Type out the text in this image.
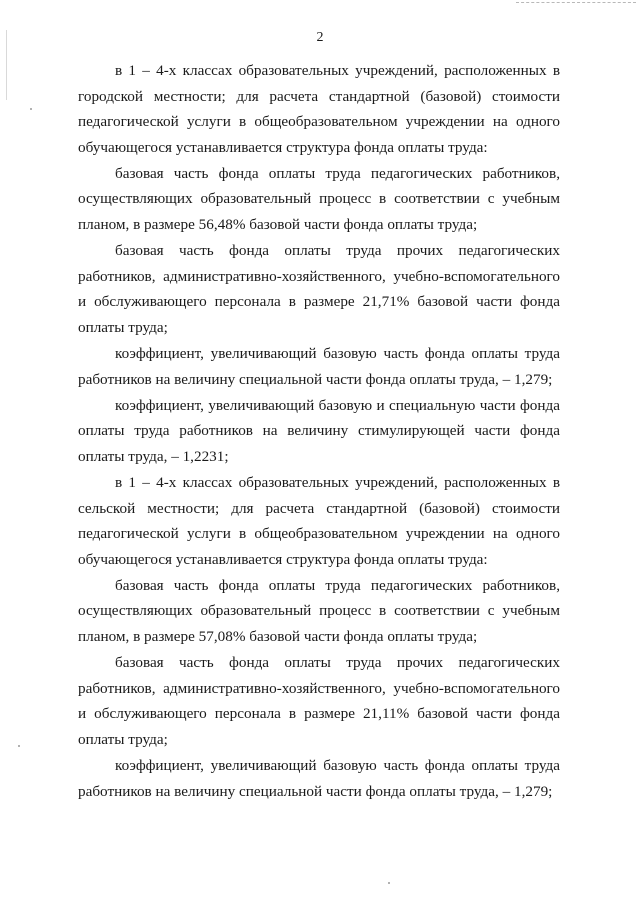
2

в 1 – 4-х классах образовательных учреждений, расположенных в городской местности; для расчета стандартной (базовой) стоимости педагогической услуги в общеобразовательном учреждении на одного обучающегося устанавливается структура фонда оплаты труда:

базовая часть фонда оплаты труда педагогических работников, осуществляющих образовательный процесс в соответствии с учебным планом, в размере 56,48% базовой части фонда оплаты труда;

базовая часть фонда оплаты труда прочих педагогических работников, административно-хозяйственного, учебно-вспомогательного и обслуживающего персонала в размере 21,71% базовой части фонда оплаты труда;

коэффициент, увеличивающий базовую часть фонда оплаты труда работников на величину специальной части фонда оплаты труда, – 1,279;

коэффициент, увеличивающий базовую и специальную части фонда оплаты труда работников на величину стимулирующей части фонда оплаты труда, – 1,2231;

в 1 – 4-х классах образовательных учреждений, расположенных в сельской местности; для расчета стандартной (базовой) стоимости педагогической услуги в общеобразовательном учреждении на одного обучающегося устанавливается структура фонда оплаты труда:

базовая часть фонда оплаты труда педагогических работников, осуществляющих образовательный процесс в соответствии с учебным планом, в размере 57,08% базовой части фонда оплаты труда;

базовая часть фонда оплаты труда прочих педагогических работников, административно-хозяйственного, учебно-вспомогательного и обслуживающего персонала в размере 21,11% базовой части фонда оплаты труда;

коэффициент, увеличивающий базовую часть фонда оплаты труда работников на величину специальной части фонда оплаты труда, – 1,279;
